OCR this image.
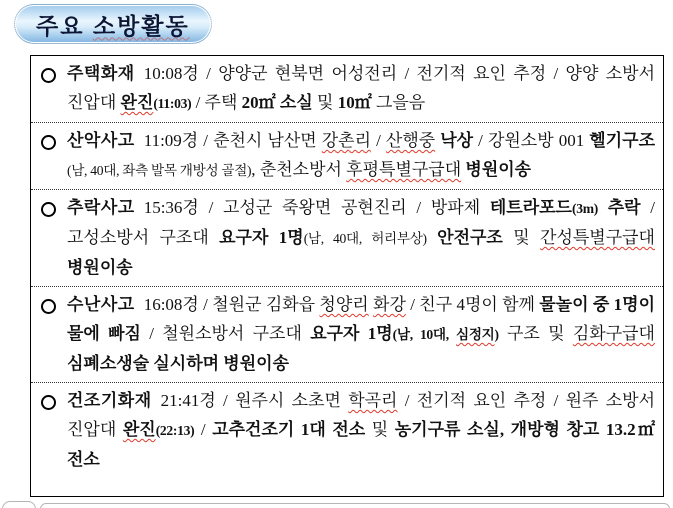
주요 소방활동
주택화재 10:08경 / 양양군 현북면 어성전리 / 전기적 요인 추정 / 양양 소방서 진압대 완진(11:03) / 주택 20㎡ 소실 및 10㎡ 그을음
산악사고 11:09경 / 춘천시 남산면 강촌리 / 산행중 낙상 / 강원소방 001 헬기구조(남, 40대, 좌측 발목 개방성 골절), 춘천소방서 후평특별구급대 병원이송
추락사고 15:36경 / 고성군 죽왕면 공현진리 / 방파제 테트라포드(3m) 추락 / 고성소방서 구조대 요구자 1명(남, 40대, 허리부상) 안전구조 및 간성특별구급대 병원이송
수난사고 16:08경 / 철원군 김화읍 청양리 화강 / 친구 4명이 함께 물놀이 중 1명이 물에 빠짐 / 철원소방서 구조대 요구자 1명(남, 10대, 심정지) 구조 및 김화구급대 심폐소생술 실시하며 병원이송
건조기화재 21:41경 / 원주시 소초면 학곡리 / 전기적 요인 추정 / 원주 소방서 진압대 완진(22:13) / 고추건조기 1대 전소 및 농기구류 소실, 개방형 창고 13.2㎡ 전소
